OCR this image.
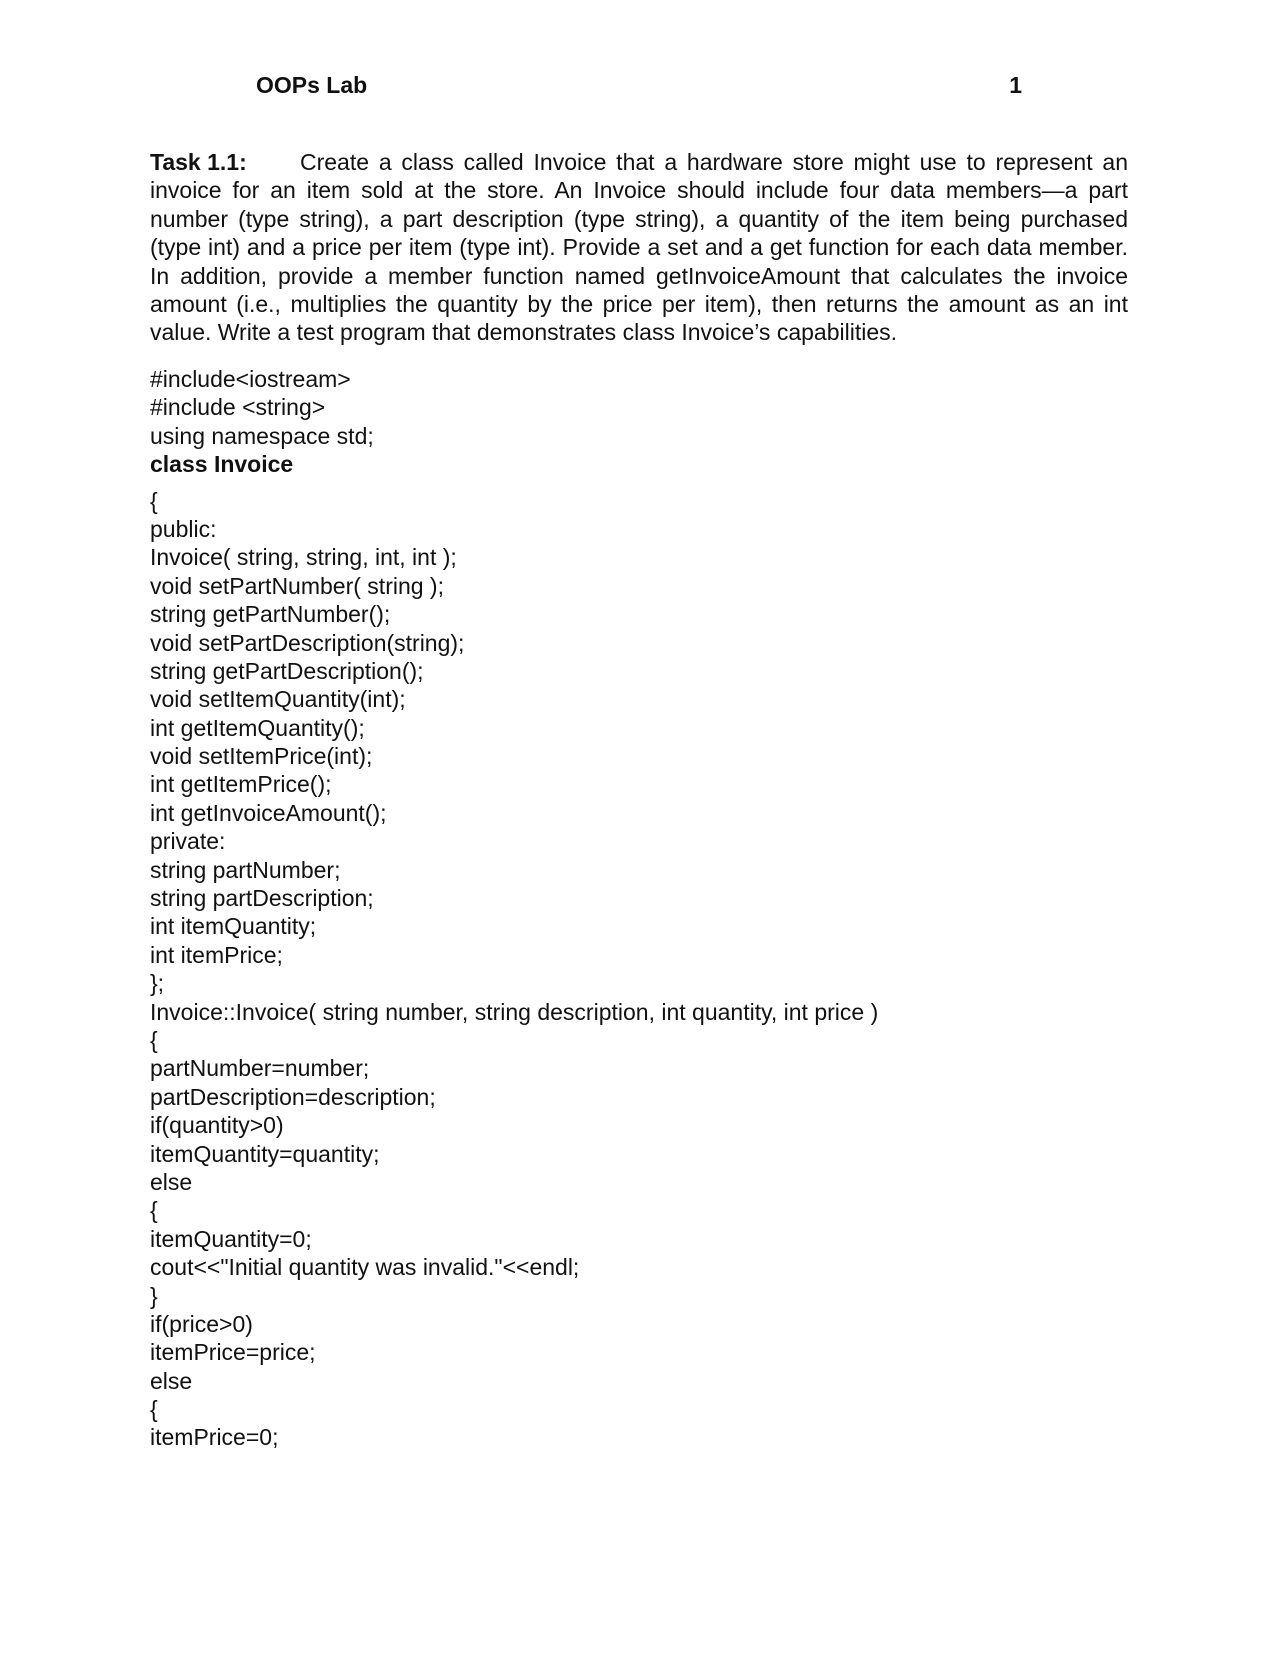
OOPs Lab	1
Task 1.1: Create a class called Invoice that a hardware store might use to represent an invoice for an item sold at the store. An Invoice should include four data members—a part number (type string), a part description (type string), a quantity of the item being purchased (type int) and a price per item (type int). Provide a set and a get function for each data member. In addition, provide a member function named getInvoiceAmount that calculates the invoice amount (i.e., multiplies the quantity by the price per item), then returns the amount as an int value. Write a test program that demonstrates class Invoice’s capabilities.
#include<iostream>
#include <string>
using namespace std;
class Invoice
{
public:
Invoice( string, string, int, int );
void setPartNumber( string );
string getPartNumber();
void setPartDescription(string);
string getPartDescription();
void setItemQuantity(int);
int getItemQuantity();
void setItemPrice(int);
int getItemPrice();
int getInvoiceAmount();
private:
string partNumber;
string partDescription;
int itemQuantity;
int itemPrice;
};
Invoice::Invoice( string number, string description, int quantity, int price )
{
partNumber=number;
partDescription=description;
if(quantity>0)
itemQuantity=quantity;
else
{
itemQuantity=0;
cout<<"Initial quantity was invalid."<<endl;
}
if(price>0)
itemPrice=price;
else
{
itemPrice=0;
